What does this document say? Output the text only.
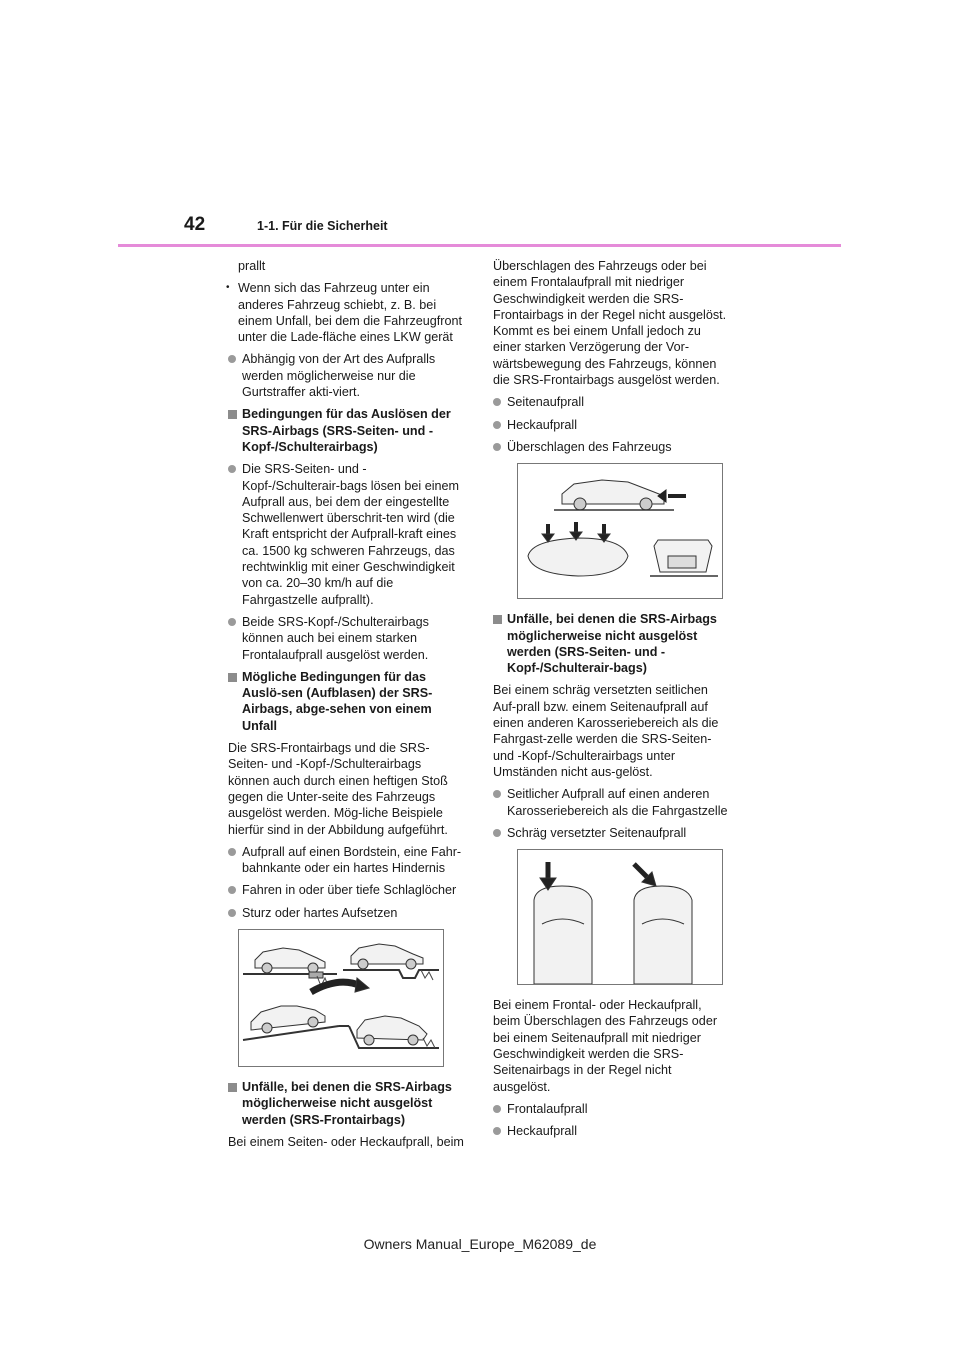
42	1-1. Für die Sicherheit

prallt

• Wenn sich das Fahrzeug unter ein anderes Fahrzeug schiebt, z. B. bei einem Unfall, bei dem die Fahrzeugfront unter die Lade-fläche eines LKW gerät
Abhängig von der Art des Aufpralls werden möglicherweise nur die Gurtstraffer akti-viert.
Bedingungen für das Auslösen der SRS-Airbags (SRS-Seiten- und -Kopf-/Schulterairbags)
Die SRS-Seiten- und -Kopf-/Schulterair-bags lösen bei einem Aufprall aus, bei dem der eingestellte Schwellenwert überschrit-ten wird (die Kraft entspricht der Aufprall-kraft eines ca. 1500 kg schweren Fahrzeugs, das rechtwinklig mit einer Geschwindigkeit von ca. 20–30 km/h auf die Fahrgastzelle aufprallt).
Beide SRS-Kopf-/Schulterairbags können auch bei einem starken Frontalaufprall ausgelöst werden.
Mögliche Bedingungen für das Auslö-sen (Aufblasen) der SRS-Airbags, abge-sehen von einem Unfall

Die SRS-Frontairbags und die SRS-Seiten- und -Kopf-/Schulterairbags können auch durch einen heftigen Stoß gegen die Unter-seite des Fahrzeugs ausgelöst werden. Mög-liche Beispiele hierfür sind in der Abbildung aufgeführt.

Aufprall auf einen Bordstein, eine Fahr-bahnkante oder ein hartes Hindernis
Fahren in oder über tiefe Schlaglöcher
Sturz oder hartes Aufsetzen
Unfälle, bei denen die SRS-Airbags möglicherweise nicht ausgelöst werden (SRS-Frontairbags)

Bei einem Seiten- oder Heckaufprall, beim

Überschlagen des Fahrzeugs oder bei einem Frontalaufprall mit niedriger Geschwindigkeit werden die SRS-Frontairbags in der Regel nicht ausgelöst. Kommt es bei einem Unfall jedoch zu einer starken Verzögerung der Vor-wärtsbewegung des Fahrzeugs, können die SRS-Frontairbags ausgelöst werden.

Seitenaufprall
Heckaufprall
Überschlagen des Fahrzeugs
Unfälle, bei denen die SRS-Airbags möglicherweise nicht ausgelöst werden (SRS-Seiten- und -Kopf-/Schulterair-bags)

Bei einem schräg versetzten seitlichen Auf-prall bzw. einem Seitenaufprall auf einen anderen Karosseriebereich als die Fahrgast-zelle werden die SRS-Seiten- und -Kopf-/Schulterairbags unter Umständen nicht aus-gelöst.

Seitlicher Aufprall auf einen anderen Karosseriebereich als die Fahrgastzelle
Schräg versetzter Seitenaufprall

Bei einem Frontal- oder Heckaufprall, beim Überschlagen des Fahrzeugs oder bei einem Seitenaufprall mit niedriger Geschwindigkeit werden die SRS-Seitenairbags in der Regel nicht ausgelöst.

Frontalaufprall
Heckaufprall
Owners Manual_Europe_M62089_de
